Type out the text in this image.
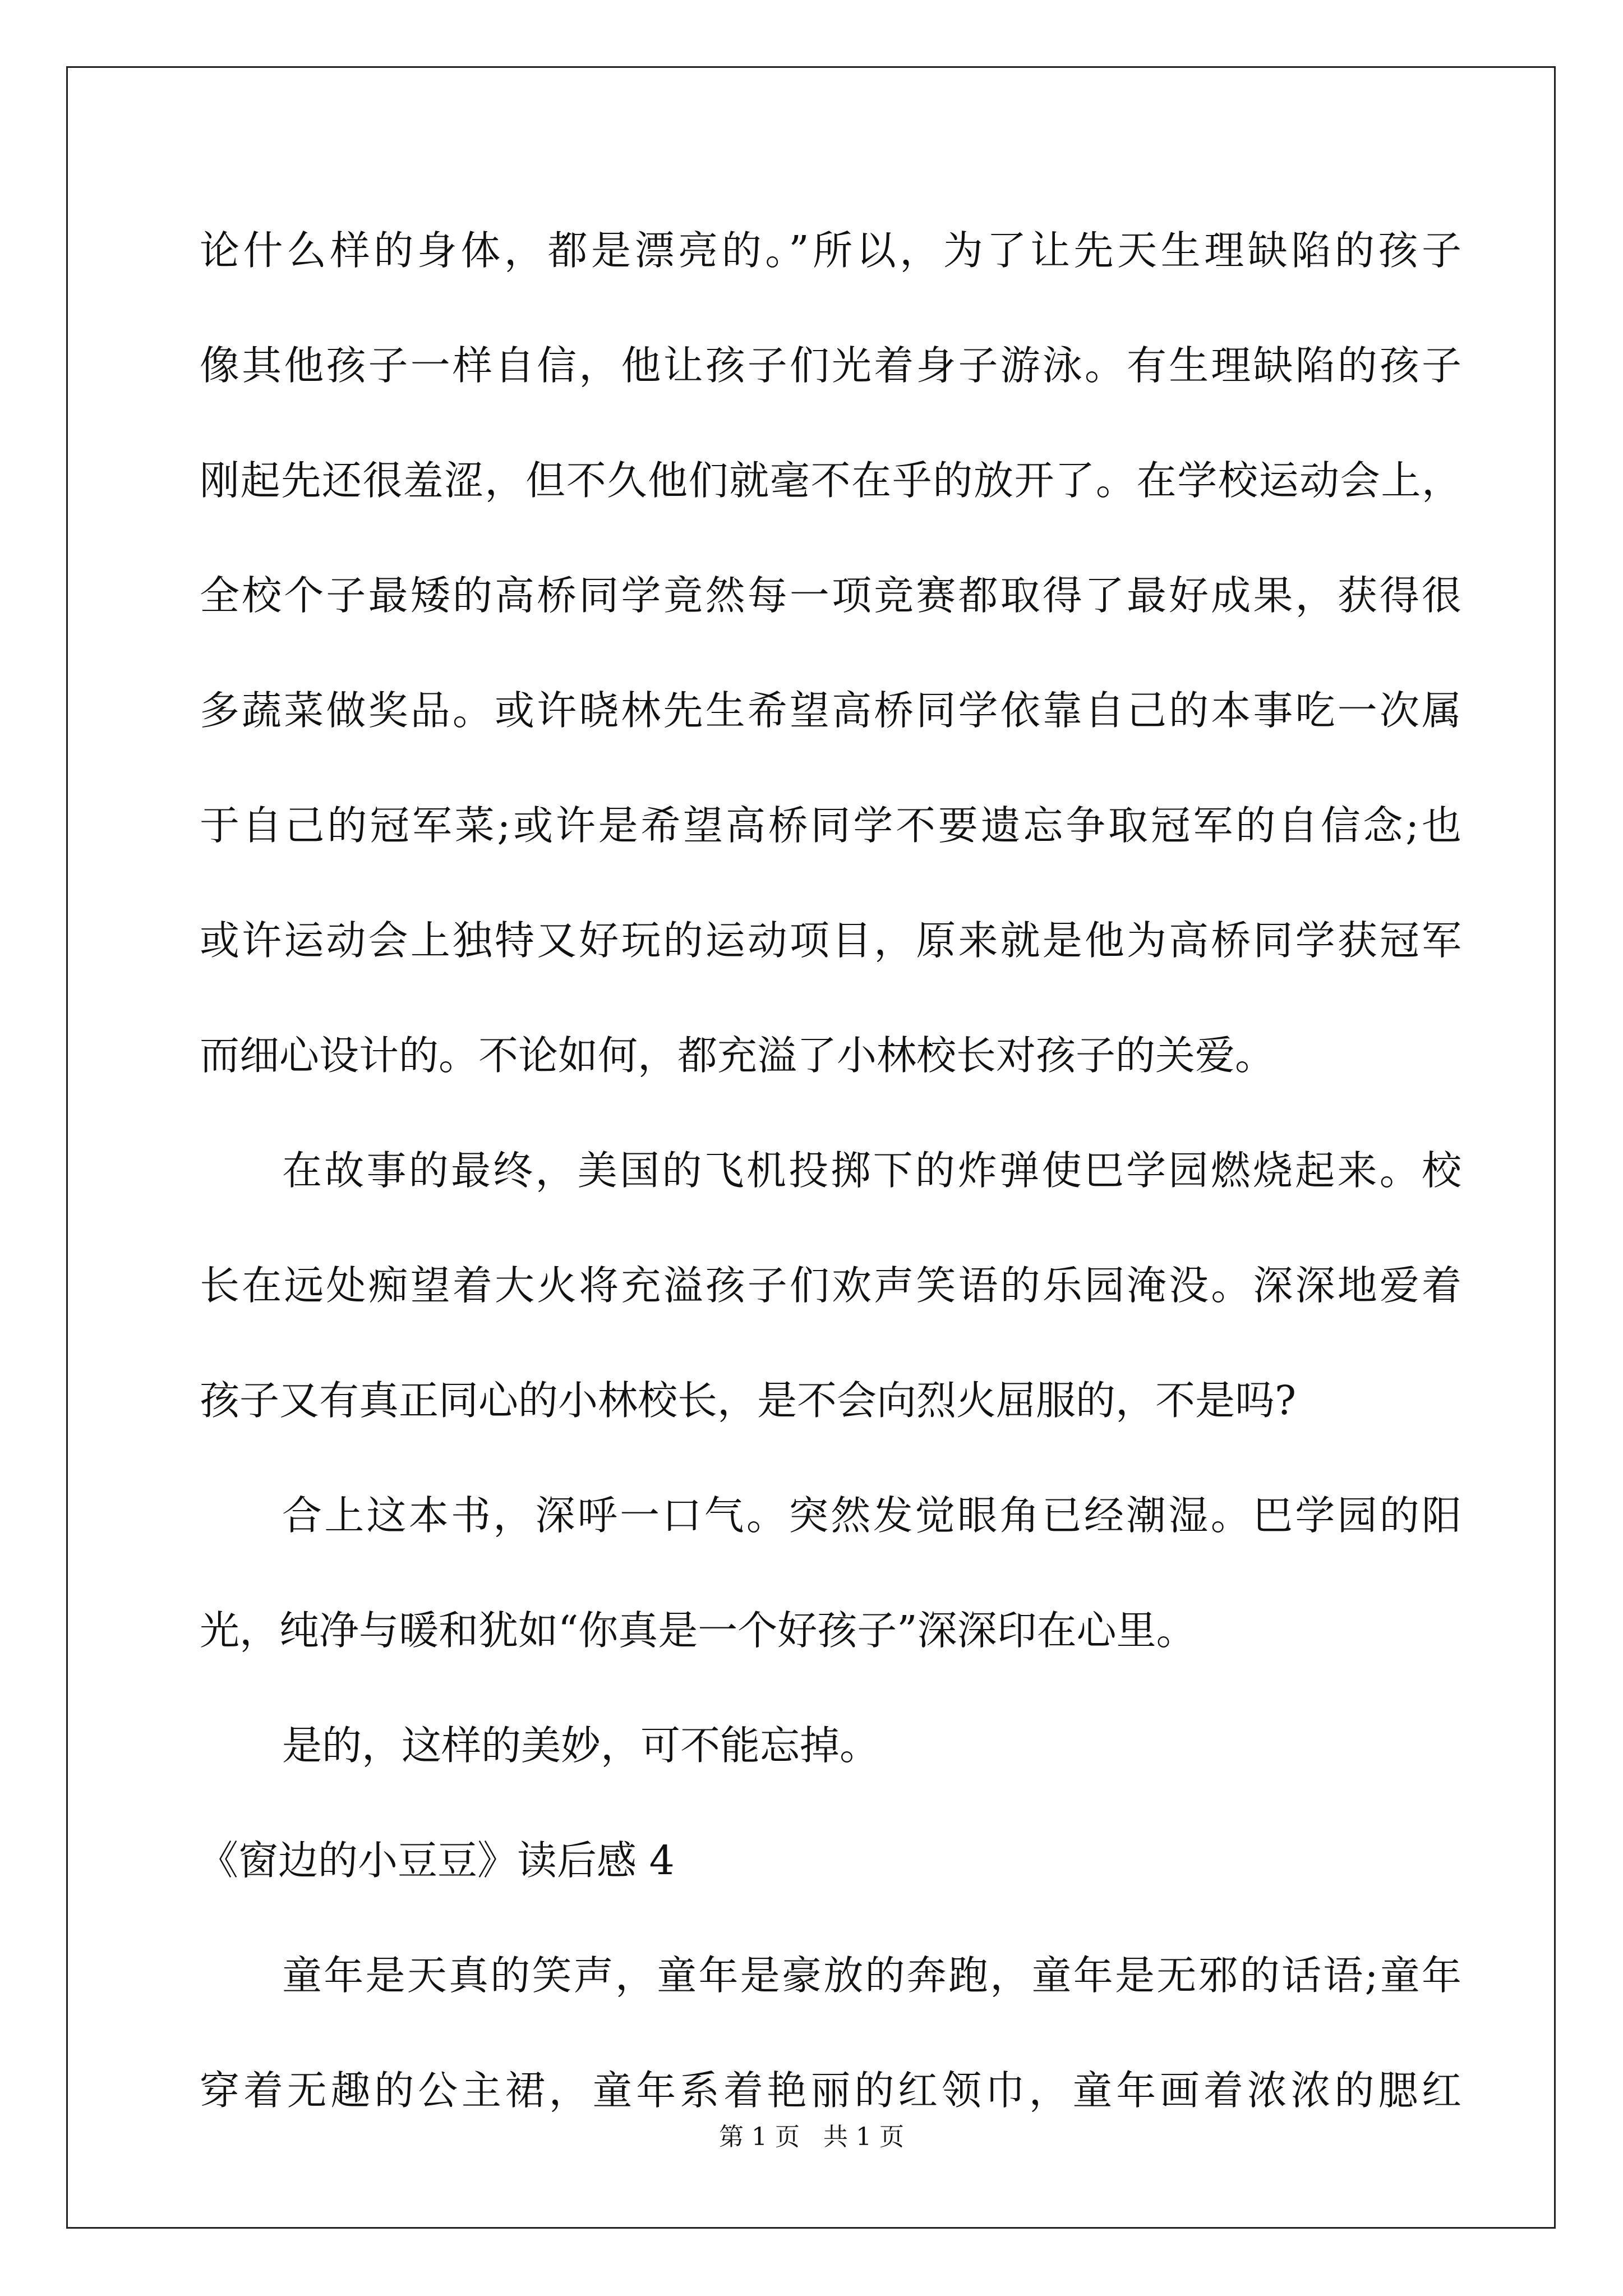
论什么样的身体，都是漂亮的。”所以，为了让先天生理缺陷的孩子
像其他孩子一样自信，他让孩子们光着身子游泳。有生理缺陷的孩子
刚起先还很羞涩，但不久他们就毫不在乎的放开了。在学校运动会上，
全校个子最矮的高桥同学竟然每一项竞赛都取得了最好成果，获得很
多蔬菜做奖品。或许晓林先生希望高桥同学依靠自己的本事吃一次属
于自己的冠军菜;或许是希望高桥同学不要遗忘争取冠军的自信念;也
或许运动会上独特又好玩的运动项目，原来就是他为高桥同学获冠军
而细心设计的。不论如何，都充溢了小林校长对孩子的关爱。
在故事的最终，美国的飞机投掷下的炸弹使巴学园燃烧起来。校
长在远处痴望着大火将充溢孩子们欢声笑语的乐园淹没。深深地爱着
孩子又有真正同心的小林校长，是不会向烈火屈服的，不是吗?
合上这本书，深呼一口气。突然发觉眼角已经潮湿。巴学园的阳
光，纯净与暖和犹如“你真是一个好孩子”深深印在心里。
是的，这样的美妙，可不能忘掉。
《窗边的小豆豆》读后感 4
童年是天真的笑声，童年是豪放的奔跑，童年是无邪的话语;童年
穿着无趣的公主裙，童年系着艳丽的红领巾，童年画着浓浓的腮红
第 1 页   共 1 页
